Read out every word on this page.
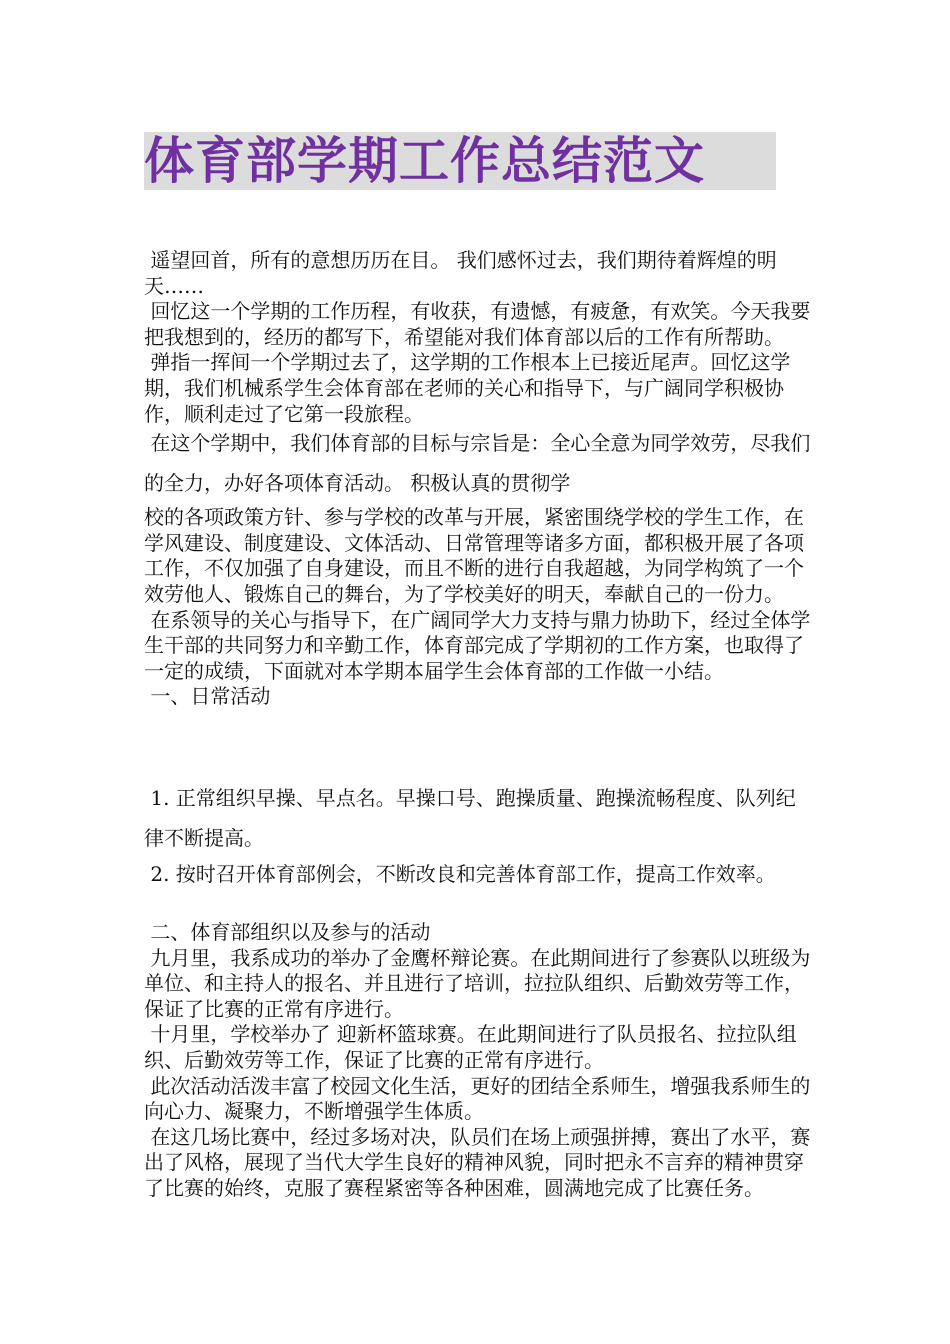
体育部学期工作总结范文

遥望回首，所有的意想历历在目。 我们感怀过去，我们期待着辉煌的明天……

回忆这一个学期的工作历程，有收获，有遗憾，有疲惫，有欢笑。今天我要把我想到的，经历的都写下，希望能对我们体育部以后的工作有所帮助。

弹指一挥间一个学期过去了，这学期的工作根本上已接近尾声。回忆这学期，我们机械系学生会体育部在老师的关心和指导下，与广阔同学积极协作，顺利走过了它第一段旅程。

在这个学期中，我们体育部的目标与宗旨是：全心全意为同学效劳，尽我们的全力，办好各项体育活动。 积极认真的贯彻学

校的各项政策方针、参与学校的改革与开展，紧密围绕学校的学生工作，在学风建设、制度建设、文体活动、日常管理等诸多方面，都积极开展了各项工作，不仅加强了自身建设，而且不断的进行自我超越，为同学构筑了一个效劳他人、锻炼自己的舞台，为了学校美好的明天，奉献自己的一份力。

在系领导的关心与指导下，在广阔同学大力支持与鼎力协助下，经过全体学生干部的共同努力和辛勤工作，体育部完成了学期初的工作方案，也取得了一定的成绩，下面就对本学期本届学生会体育部的工作做一小结。

一、日常活动

1. 正常组织早操、早点名。早操口号、跑操质量、跑操流畅程度、队列纪律不断提高。

2. 按时召开体育部例会，不断改良和完善体育部工作，提高工作效率。

二、体育部组织以及参与的活动

九月里，我系成功的举办了金鹰杯辩论赛。在此期间进行了参赛队以班级为单位、和主持人的报名、并且进行了培训，拉拉队组织、后勤效劳等工作，保证了比赛的正常有序进行。

十月里，学校举办了 迎新杯篮球赛。在此期间进行了队员报名、拉拉队组织、后勤效劳等工作，保证了比赛的正常有序进行。

此次活动活泼丰富了校园文化生活，更好的团结全系师生，增强我系师生的向心力、凝聚力，不断增强学生体质。

在这几场比赛中，经过多场对决，队员们在场上顽强拼搏，赛出了水平，赛出了风格，展现了当代大学生良好的精神风貌，同时把永不言弃的精神贯穿了比赛的始终，克服了赛程紧密等各种困难，圆满地完成了比赛任务。
